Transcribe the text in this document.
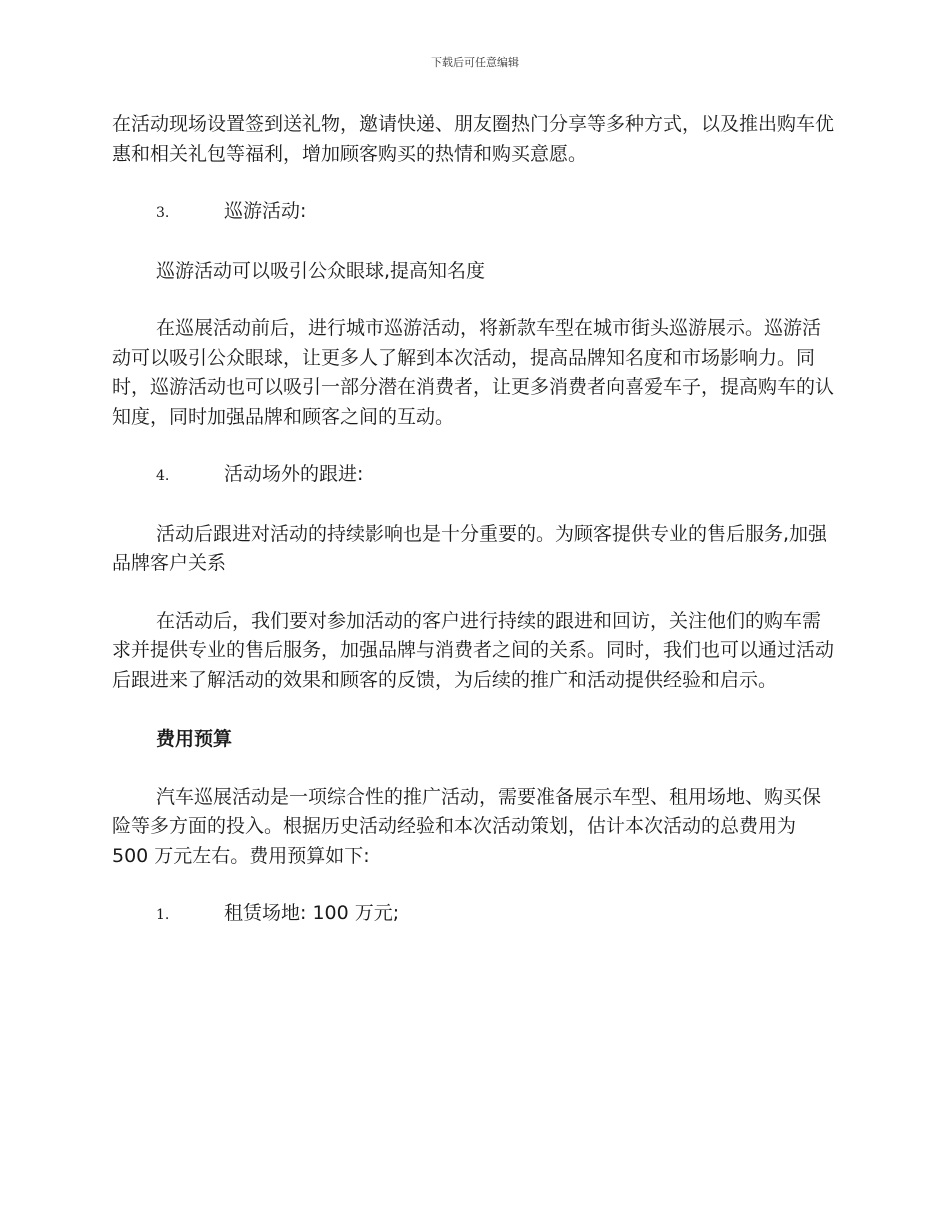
下载后可任意编辑

在活动现场设置签到送礼物，邀请快递、朋友圈热门分享等多种方式，以及推出购车优惠和相关礼包等福利，增加顾客购买的热情和购买意愿。

3.	巡游活动:

巡游活动可以吸引公众眼球,提高知名度

在巡展活动前后，进行城市巡游活动，将新款车型在城市街头巡游展示。巡游活动可以吸引公众眼球，让更多人了解到本次活动，提高品牌知名度和市场影响力。同时，巡游活动也可以吸引一部分潜在消费者，让更多消费者向喜爱车子，提高购车的认知度，同时加强品牌和顾客之间的互动。

4.	活动场外的跟进:

活动后跟进对活动的持续影响也是十分重要的。为顾客提供专业的售后服务,加强品牌客户关系

在活动后，我们要对参加活动的客户进行持续的跟进和回访，关注他们的购车需求并提供专业的售后服务，加强品牌与消费者之间的关系。同时，我们也可以通过活动后跟进来了解活动的效果和顾客的反馈，为后续的推广和活动提供经验和启示。

费用预算

汽车巡展活动是一项综合性的推广活动，需要准备展示车型、租用场地、购买保险等多方面的投入。根据历史活动经验和本次活动策划，估计本次活动的总费用为 500 万元左右。费用预算如下:

1.	租赁场地: 100 万元;
